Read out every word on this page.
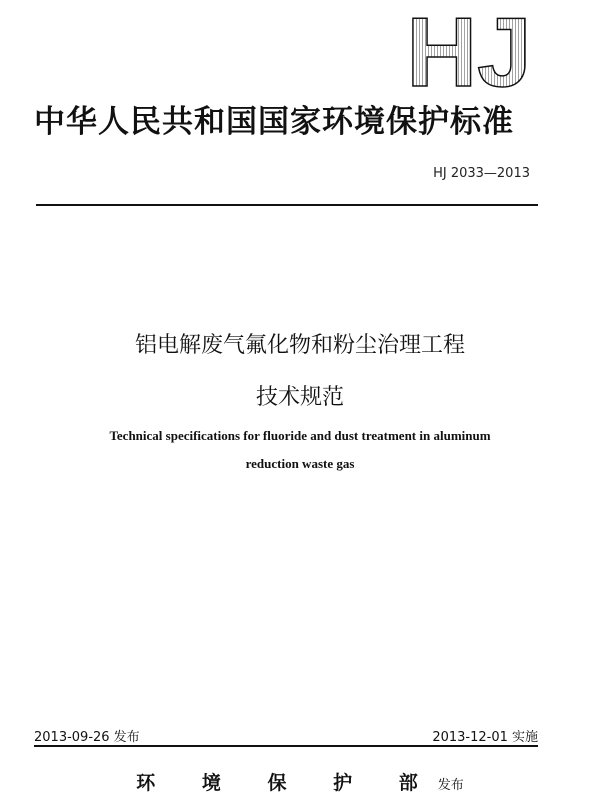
HJ
中华人民共和国国家环境保护标准
HJ 2033—2013
铝电解废气氟化物和粉尘治理工程
技术规范
Technical specifications for fluoride and dust treatment in aluminum
reduction waste gas
2013-09-26 发布	2013-12-01 实施
环 境 保 护 部发布
